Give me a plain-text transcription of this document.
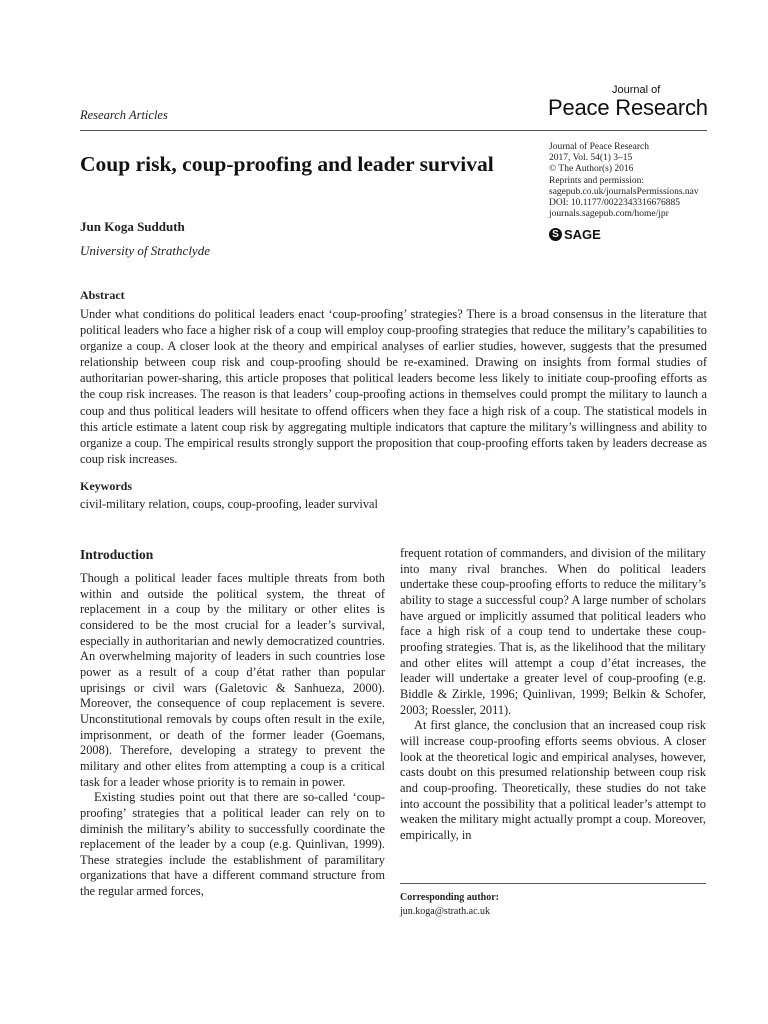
Research Articles
Journal of
Peace Research
Coup risk, coup-proofing and leader survival
Journal of Peace Research
2017, Vol. 54(1) 3–15
© The Author(s) 2016
Reprints and permission:
sagepub.co.uk/journalsPermissions.nav
DOI: 10.1177/0022343316676885
journals.sagepub.com/home/jpr
S SAGE
Jun Koga Sudduth
University of Strathclyde
Abstract
Under what conditions do political leaders enact ‘coup-proofing’ strategies? There is a broad consensus in the literature that political leaders who face a higher risk of a coup will employ coup-proofing strategies that reduce the military’s capabilities to organize a coup. A closer look at the theory and empirical analyses of earlier studies, however, suggests that the presumed relationship between coup risk and coup-proofing should be re-examined. Drawing on insights from formal studies of authoritarian power-sharing, this article proposes that political leaders become less likely to initiate coup-proofing efforts as the coup risk increases. The reason is that leaders’ coup-proofing actions in themselves could prompt the military to launch a coup and thus political leaders will hesitate to offend officers when they face a high risk of a coup. The statistical models in this article estimate a latent coup risk by aggregating multiple indicators that capture the military’s willingness and ability to organize a coup. The empirical results strongly support the proposition that coup-proofing efforts taken by leaders decrease as coup risk increases.
Keywords
civil-military relation, coups, coup-proofing, leader survival
Introduction

Though a political leader faces multiple threats from both within and outside the political system, the threat of replacement in a coup by the military or other elites is considered to be the most crucial for a leader’s survival, especially in authoritarian and newly democratized countries. An overwhelming majority of leaders in such countries lose power as a result of a coup d’état rather than popular uprisings or civil wars (Galetovic & Sanhueza, 2000). Moreover, the consequence of coup replacement is severe. Unconstitutional removals by coups often result in the exile, imprisonment, or death of the former leader (Goemans, 2008). Therefore, developing a strategy to prevent the military and other elites from attempting a coup is a critical task for a leader whose priority is to remain in power.

Existing studies point out that there are so-called ‘coup-proofing’ strategies that a political leader can rely on to diminish the military’s ability to successfully coordinate the replacement of the leader by a coup (e.g. Quinlivan, 1999). These strategies include the establishment of paramilitary organizations that have a different command structure from the regular armed forces,

frequent rotation of commanders, and division of the military into many rival branches. When do political leaders undertake these coup-proofing efforts to reduce the military’s ability to stage a successful coup? A large number of scholars have argued or implicitly assumed that political leaders who face a high risk of a coup tend to undertake these coup-proofing strategies. That is, as the likelihood that the military and other elites will attempt a coup d’état increases, the leader will undertake a greater level of coup-proofing (e.g. Biddle & Zirkle, 1996; Quinlivan, 1999; Belkin & Schofer, 2003; Roessler, 2011).

At first glance, the conclusion that an increased coup risk will increase coup-proofing efforts seems obvious. A closer look at the theoretical logic and empirical analyses, however, casts doubt on this presumed relationship between coup risk and coup-proofing. Theoretically, these studies do not take into account the possibility that a political leader’s attempt to weaken the military might actually prompt a coup. Moreover, empirically, in

Corresponding author:
jun.koga@strath.ac.uk
